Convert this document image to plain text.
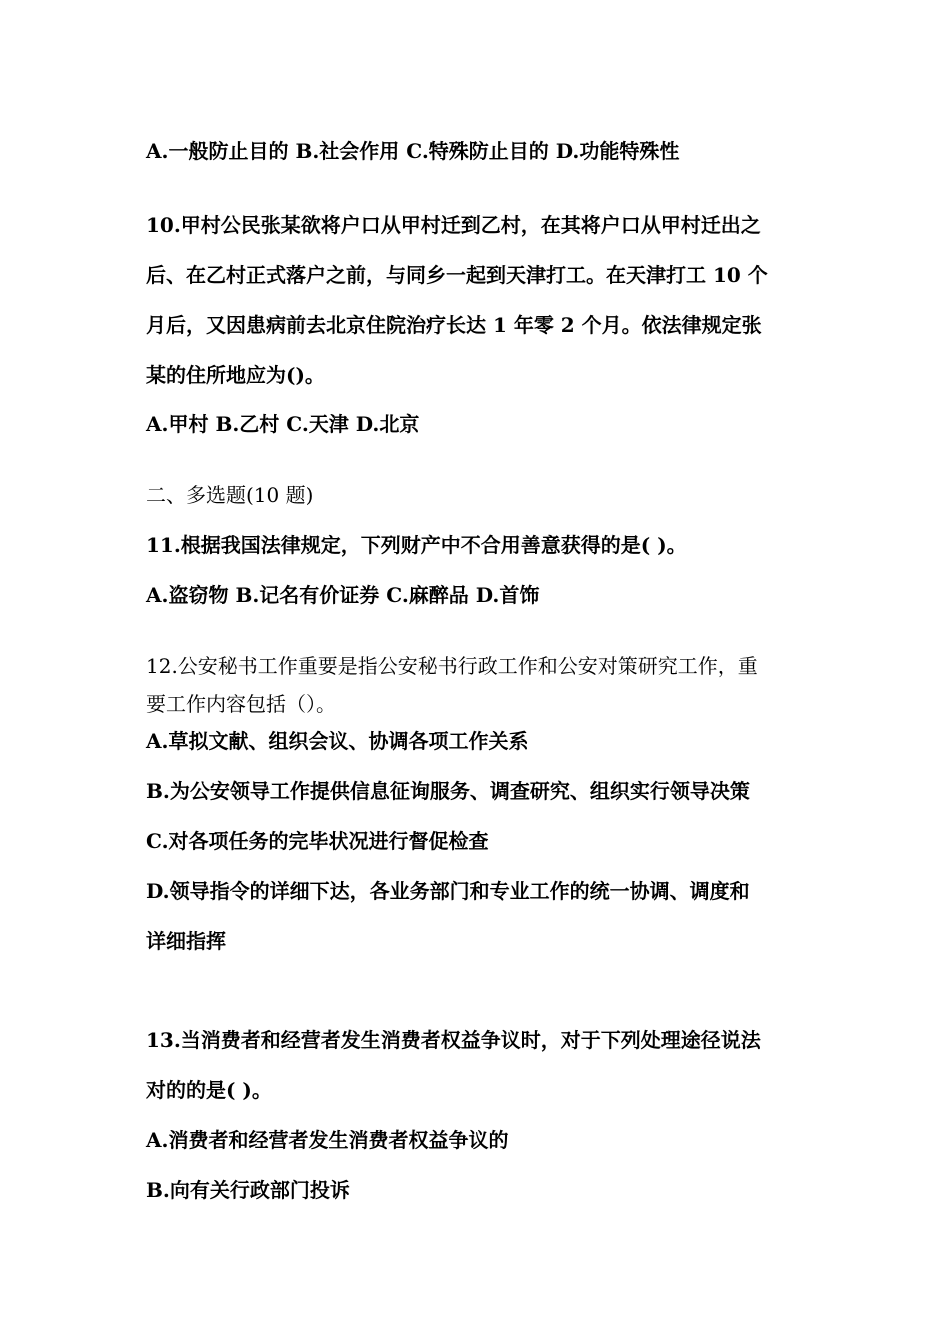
A.一般防止目的 B.社会作用 C.特殊防止目的 D.功能特殊性
10.甲村公民张某欲将户口从甲村迁到乙村，在其将户口从甲村迁出之
后、在乙村正式落户之前，与同乡一起到天津打工。在天津打工 10 个
月后，又因患病前去北京住院治疗长达 1 年零 2 个月。依法律规定张
某的住所地应为()。
A.甲村 B.乙村 C.天津 D.北京
二、多选题(10 题)
11.根据我国法律规定，下列财产中不合用善意获得的是( )。
A.盗窃物 B.记名有价证券 C.麻醉品 D.首饰
12.公安秘书工作重要是指公安秘书行政工作和公安对策研究工作，重
要工作内容包括（）。
A.草拟文献、组织会议、协调各项工作关系
B.为公安领导工作提供信息征询服务、调查研究、组织实行领导决策
C.对各项任务的完毕状况进行督促检查
D.领导指令的详细下达，各业务部门和专业工作的统一协调、调度和
详细指挥
13.当消费者和经营者发生消费者权益争议时，对于下列处理途径说法
对的的是( )。
A.消费者和经营者发生消费者权益争议的
B.向有关行政部门投诉
